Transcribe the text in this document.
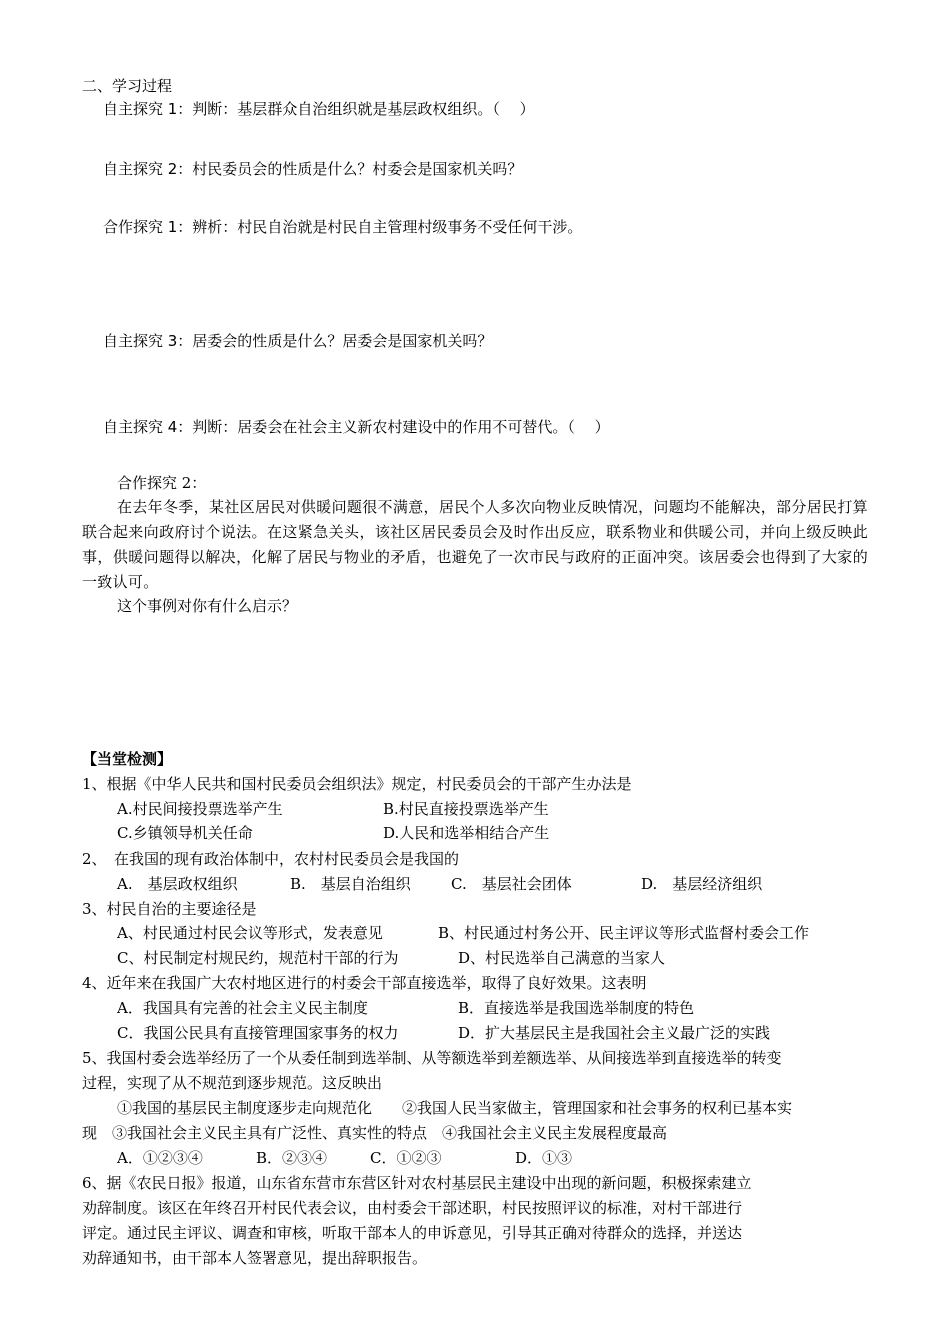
二、学习过程
自主探究 1：判断：基层群众自治组织就是基层政权组织。（　 ）
自主探究 2：村民委员会的性质是什么？村委会是国家机关吗？
合作探究 1：辨析：村民自治就是村民自主管理村级事务不受任何干涉。
自主探究 3：居委会的性质是什么？居委会是国家机关吗？
自主探究 4：判断：居委会在社会主义新农村建设中的作用不可替代。（　 ）
合作探究 2：
在去年冬季，某社区居民对供暖问题很不满意，居民个人多次向物业反映情况，问题均不能解决，部分居民打算联合起来向政府讨个说法。在这紧急关头，该社区居民委员会及时作出反应，联系物业和供暖公司，并向上级反映此事，供暖问题得以解决，化解了居民与物业的矛盾，也避免了一次市民与政府的正面冲突。该居委会也得到了大家的一致认可。
这个事例对你有什么启示？
【当堂检测】
1、根据《中华人民共和国村民委员会组织法》规定，村民委员会的干部产生办法是
A.村民间接投票选举产生	B.村民直接投票选举产生
C.乡镇领导机关任命	D.人民和选举相结合产生
2、　在我国的现有政治体制中，农村村民委员会是我国的
A.　基层政权组织	B.　基层自治组织	C.　基层社会团体	D.　基层经济组织
3、村民自治的主要途径是
A、村民通过村民会议等形式，发表意见	B、村民通过村务公开、民主评议等形式监督村委会工作
C、村民制定村规民约，规范村干部的行为	D、村民选举自己满意的当家人
4、近年来在我国广大农村地区进行的村委会干部直接选举，取得了良好效果。这表明
A．我国具有完善的社会主义民主制度	B．直接选举是我国选举制度的特色
C．我国公民具有直接管理国家事务的权力	D．扩大基层民主是我国社会主义最广泛的实践
5、我国村委会选举经历了一个从委任制到选举制、从等额选举到差额选举、从间接选举到直接选举的转变
过程，实现了从不规范到逐步规范。这反映出
①我国的基层民主制度逐步走向规范化　　②我国人民当家做主，管理国家和社会事务的权利已基本实
现　③我国社会主义民主具有广泛性、真实性的特点　④我国社会主义民主发展程度最高
A．①②③④	B．②③④	C．①②③	D．①③
6、据《农民日报》报道，山东省东营市东营区针对农村基层民主建设中出现的新问题，积极探索建立
劝辞制度。该区在年终召开村民代表会议，由村委会干部述职，村民按照评议的标准，对村干部进行
评定。通过民主评议、调查和审核，听取干部本人的申诉意见，引导其正确对待群众的选择，并送达
劝辞通知书，由干部本人签署意见，提出辞职报告。
